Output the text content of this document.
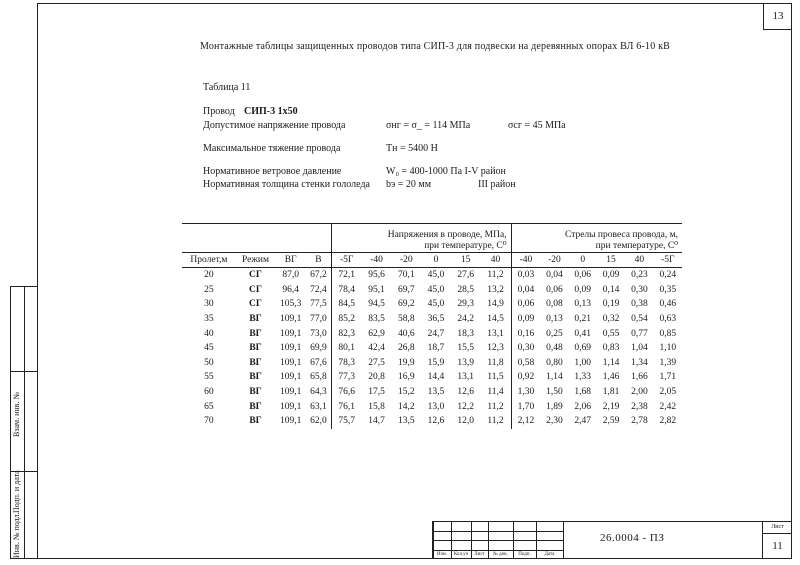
Взам. инв. №
Подп. и дата
Инв. № подл.
13
Монтажные таблицы защищенных проводов типа СИП-3 для подвески на деревянных опорах ВЛ 6-10 кВ
Таблица 11
Провод СИП-3 1x50
Допустимое напряжение провода	σнг = σ_ = 114 МПа	σсг = 45 МПа
Максимальное тяжение провода	Тн = 5400 Н
Нормативное ветровое давление	W₀ = 400-1000 Па I-V район
Нормативная толщина стенки гололеда bэ = 20 мм	III район
				Напряжения в проводе, МПа,
при температуре, С⁰						Стрелы провеса провода, м,
при температуре, С⁰					
Пролет,м	Режим	ВГ	В	-5Г	-40	-20	0	15	40	-40	-20	0	15	40	-5Г
20	СГ	87,0	67,2	72,1	95,6	70,1	45,0	27,6	11,2	0,03	0,04	0,06	0,09	0,23	0,24
25	СГ	96,4	72,4	78,4	95,1	69,7	45,0	28,5	13,2	0,04	0,06	0,09	0,14	0,30	0,35
30	СГ	105,3	77,5	84,5	94,5	69,2	45,0	29,3	14,9	0,06	0,08	0,13	0,19	0,38	0,46
35	ВГ	109,1	77,0	85,2	83,5	58,8	36,5	24,2	14,5	0,09	0,13	0,21	0,32	0,54	0,63
40	ВГ	109,1	73,0	82,3	62,9	40,6	24,7	18,3	13,1	0,16	0,25	0,41	0,55	0,77	0,85
45	ВГ	109,1	69,9	80,1	42,4	26,8	18,7	15,5	12,3	0,30	0,48	0,69	0,83	1,04	1,10
50	ВГ	109,1	67,6	78,3	27,5	19,9	15,9	13,9	11,8	0,58	0,80	1,00	1,14	1,34	1,39
55	ВГ	109,1	65,8	77,3	20,8	16,9	14,4	13,1	11,5	0,92	1,14	1,33	1,46	1,66	1,71
60	ВГ	109,1	64,3	76,6	17,5	15,2	13,5	12,6	11,4	1,30	1,50	1,68	1,81	2,00	2,05
65	ВГ	109,1	63,1	76,1	15,8	14,2	13,0	12,2	11,2	1,70	1,89	2,06	2,19	2,38	2,42
70	ВГ	109,1	62,0	75,7	14,7	13,5	12,6	12,0	11,2	2,12	2,30	2,47	2,59	2,78	2,82
Изм.	Кол.уч	Лист	№ док.	Подп.	Дата
26.0004 - ПЗ
Лист
11
